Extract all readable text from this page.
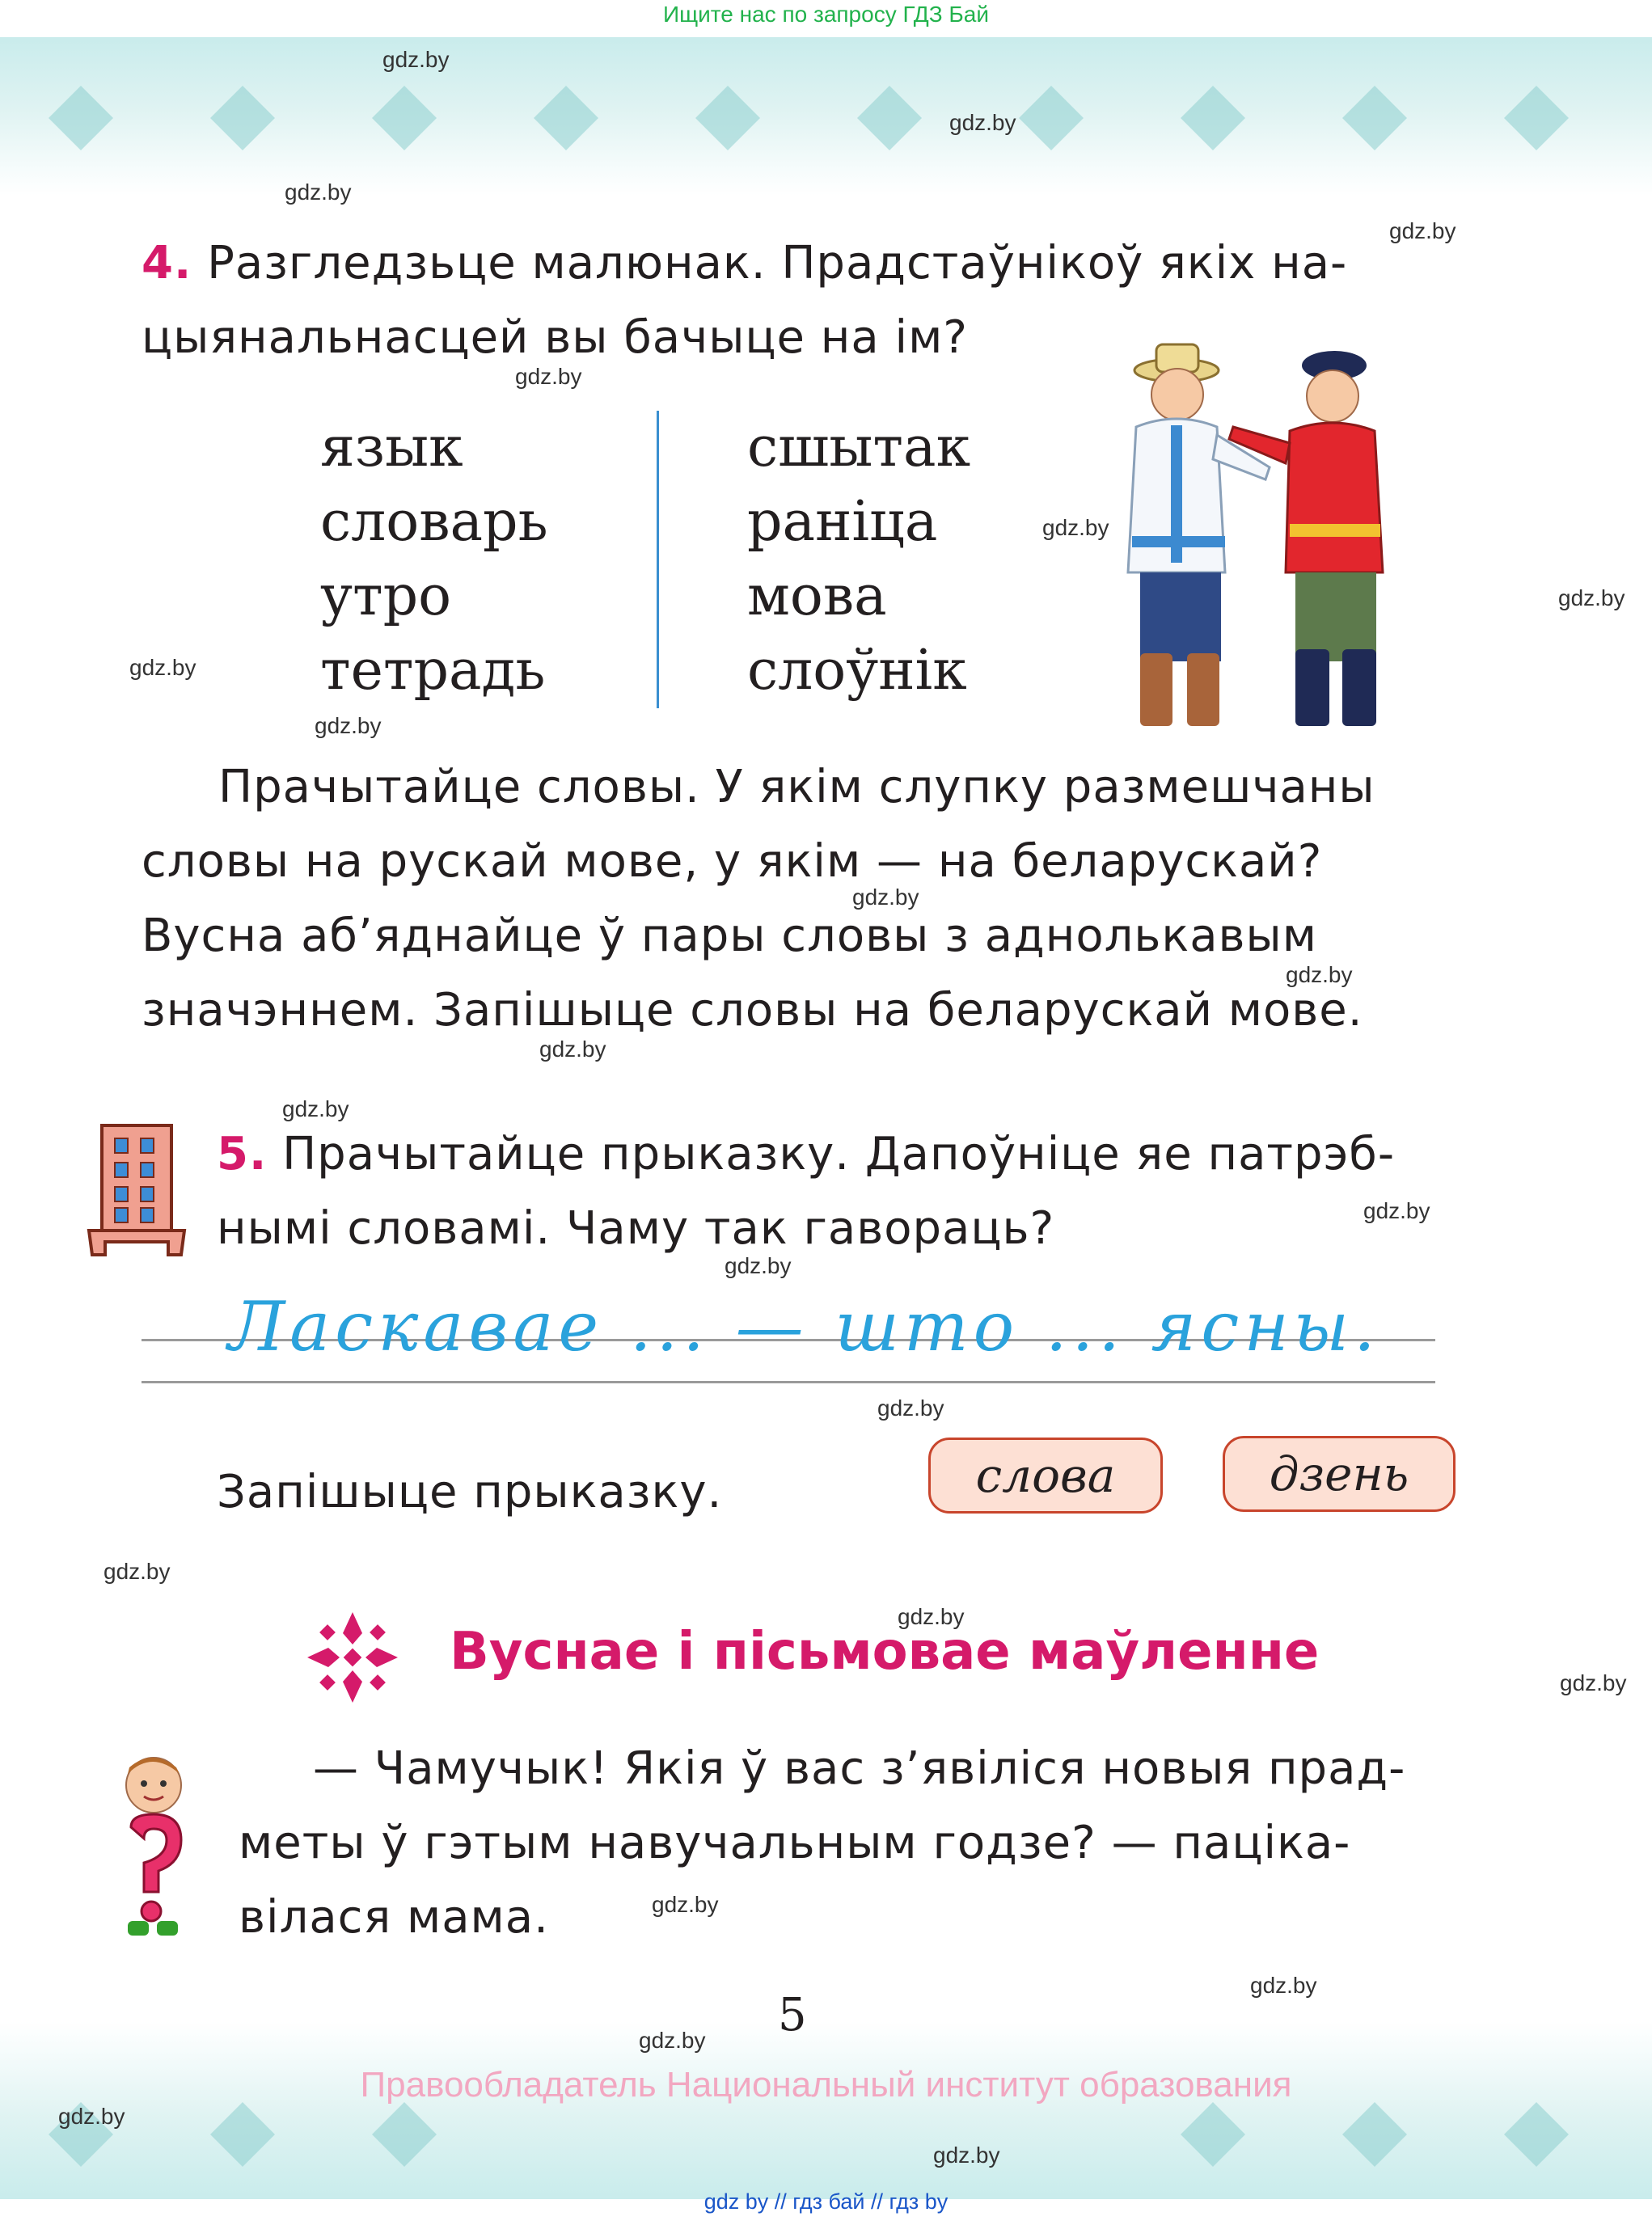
Ищите нас по запросу ГДЗ Бай
gdz.by
gdz.by
gdz.by
gdz.by
gdz.by
gdz.by
gdz.by
gdz.by
gdz.by
gdz.by
gdz.by
gdz.by
gdz.by
gdz.by
gdz.by
gdz.by
gdz.by
gdz.by
gdz.by
gdz.by
gdz.by
gdz.by
gdz.by
gdz.by
4. Разгледзьце малюнак. Прадстаўнікоў якіх на-
цыянальнасцей вы бачыце на ім?
язык
словарь
утро
тетрадь
сшытак
раніца
мова
слоўнік
Прачытайце словы. У якім слупку размешчаны
словы на рускай мове, у якім — на беларускай?
Вусна аб’яднайце ў пары словы з аднолькавым
значэннем. Запішыце словы на беларускай мове.
5. Прачытайце прыказку. Дапоўніце яе патрэб-
нымі словамі. Чаму так гавораць?
Ласкавае ... — што ... ясны.
Запішыце прыказку.	слова	дзень
Вуснае і пісьмовае маўленне
— Чамучык! Якія ў вас з’явіліся новыя прад-
меты ў гэтым навучальным годзе? — паціка-
вілася мама.
5
Правообладатель Национальный институт образования
gdz by // гдз бай // гдз by
